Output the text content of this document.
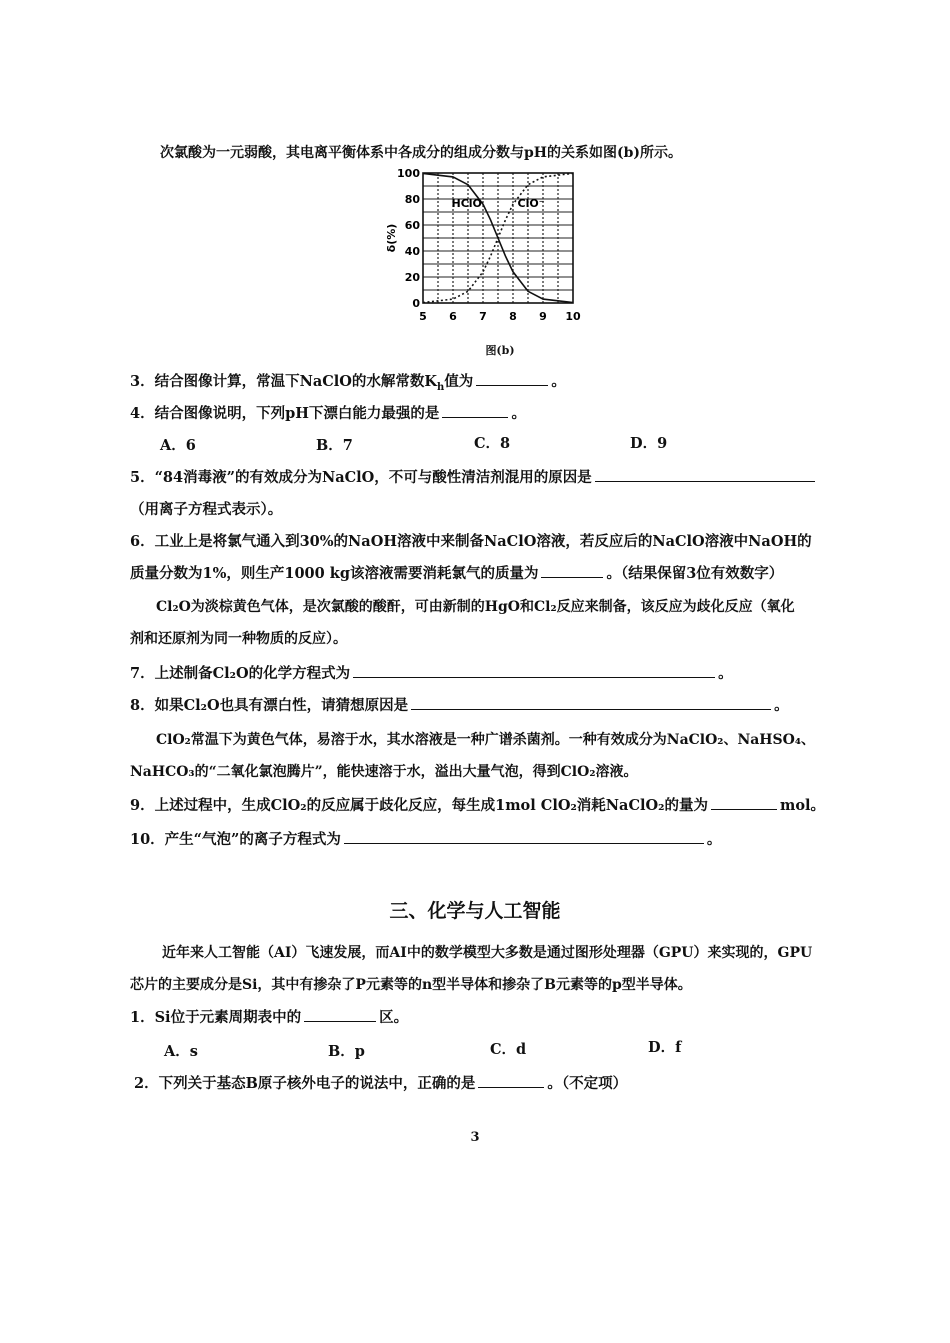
次氯酸为一元弱酸，其电离平衡体系中各成分的组成分数与pH的关系如图(b)所示。
5 6 7 8 9 10
0
20
40
60
80
100
δ(%)
HClO	ClO⁻
图(b)
3．结合图像计算，常温下NaClO的水解常数$K_h$值为	。
4．结合图像说明，下列pH下漂白能力最强的是	。
A．6	B．7	C．8	D．9
5．“84消毒液”的有效成分为NaClO，不可与酸性清洁剂混用的原因是
（用离子方程式表示）。
6．工业上是将氯气通入到30%的NaOH溶液中来制备NaClO溶液，若反应后的NaClO溶液中NaOH的
质量分数为1%，则生产1000 kg该溶液需要消耗氯气的质量为	。（结果保留3位有效数字）
Cl₂O为淡棕黄色气体，是次氯酸的酸酐，可由新制的HgO和Cl₂反应来制备，该反应为歧化反应（氧化
剂和还原剂为同一种物质的反应）。
7．上述制备Cl₂O的化学方程式为	。
8．如果Cl₂O也具有漂白性，请猜想原因是	。
ClO₂常温下为黄色气体，易溶于水，其水溶液是一种广谱杀菌剂。一种有效成分为NaClO₂、NaHSO₄、
NaHCO₃的“二氧化氯泡腾片”，能快速溶于水，溢出大量气泡，得到ClO₂溶液。
9．上述过程中，生成ClO₂的反应属于歧化反应，每生成1mol ClO₂消耗NaClO₂的量为	mol。
10．产生“气泡”的离子方程式为	。
三、化学与人工智能
近年来人工智能（AI）飞速发展，而AI中的数学模型大多数是通过图形处理器（GPU）来实现的，GPU
芯片的主要成分是Si，其中有掺杂了P元素等的n型半导体和掺杂了B元素等的p型半导体。
1．Si位于元素周期表中的	区。
A．s	B．p	C．d	D．f
2．下列关于基态B原子核外电子的说法中，正确的是	。（不定项）
3
